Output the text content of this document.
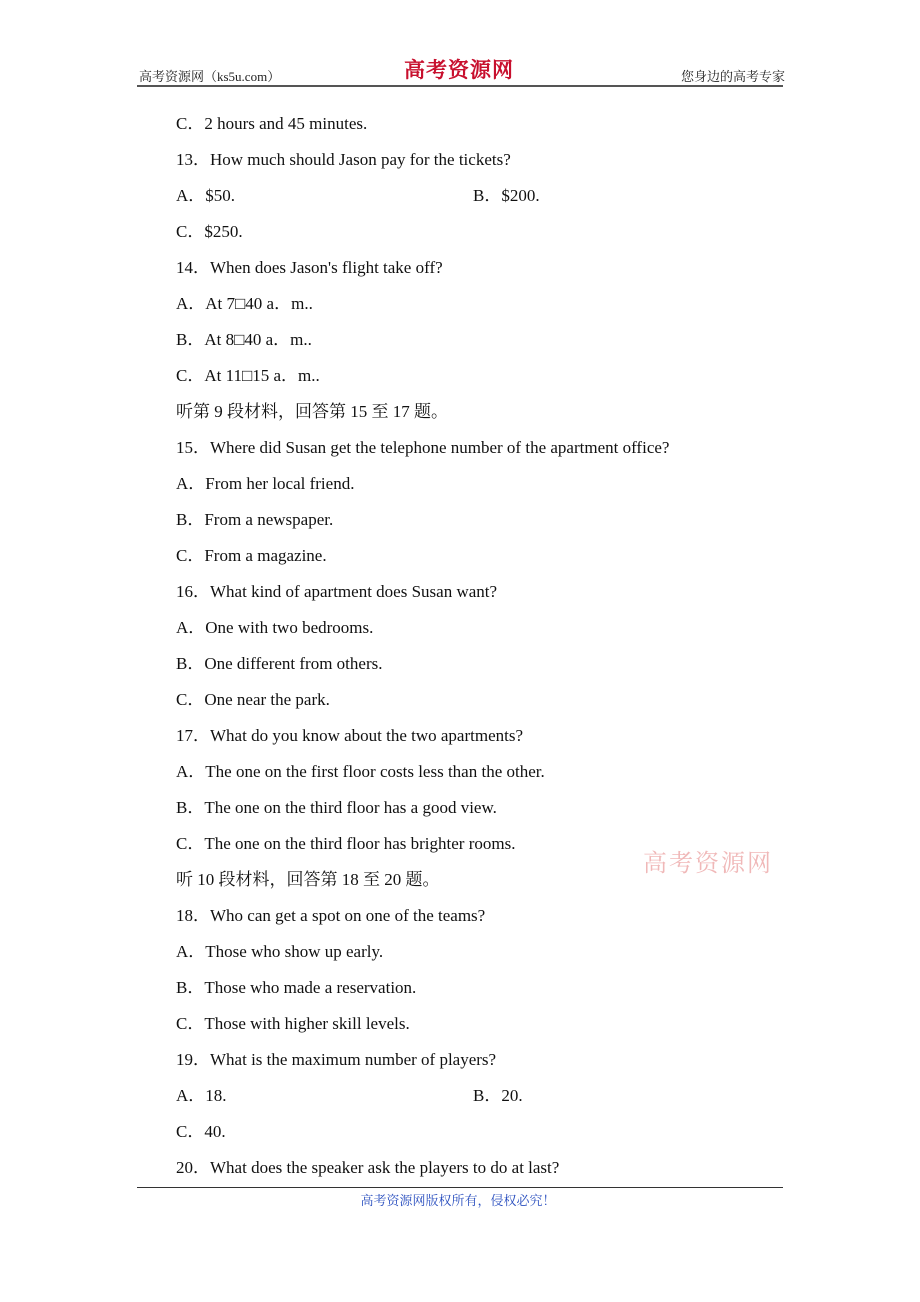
高考资源网（ks5u.com）	高考资源网	您身边的高考专家
C．2 hours and 45 minutes.
13．How much should Jason pay for the tickets?
A．$50.	B．$200.
C．$250.
14．When does Jason's flight take off?
A．At 7□40 a．m..
B．At 8□40 a．m..
C．At 11□15 a．m..
听第 9 段材料，回答第 15 至 17 题。
15．Where did Susan get the telephone number of the apartment office?
A．From her local friend.
B．From a newspaper.
C．From a magazine.
16．What kind of apartment does Susan want?
A．One with two bedrooms.
B．One different from others.
C．One near the park.
17．What do you know about the two apartments?
A．The one on the first floor costs less than the other.
B．The one on the third floor has a good view.
C．The one on the third floor has brighter rooms.
听 10 段材料，回答第 18 至 20 题。
18．Who can get a spot on one of the teams?
A．Those who show up early.
B．Those who made a reservation.
C．Those with higher skill levels.
19．What is the maximum number of players?
A．18.	B．20.
C．40.
20．What does the speaker ask the players to do at last?
高考资源网
高考资源网版权所有，侵权必究！
